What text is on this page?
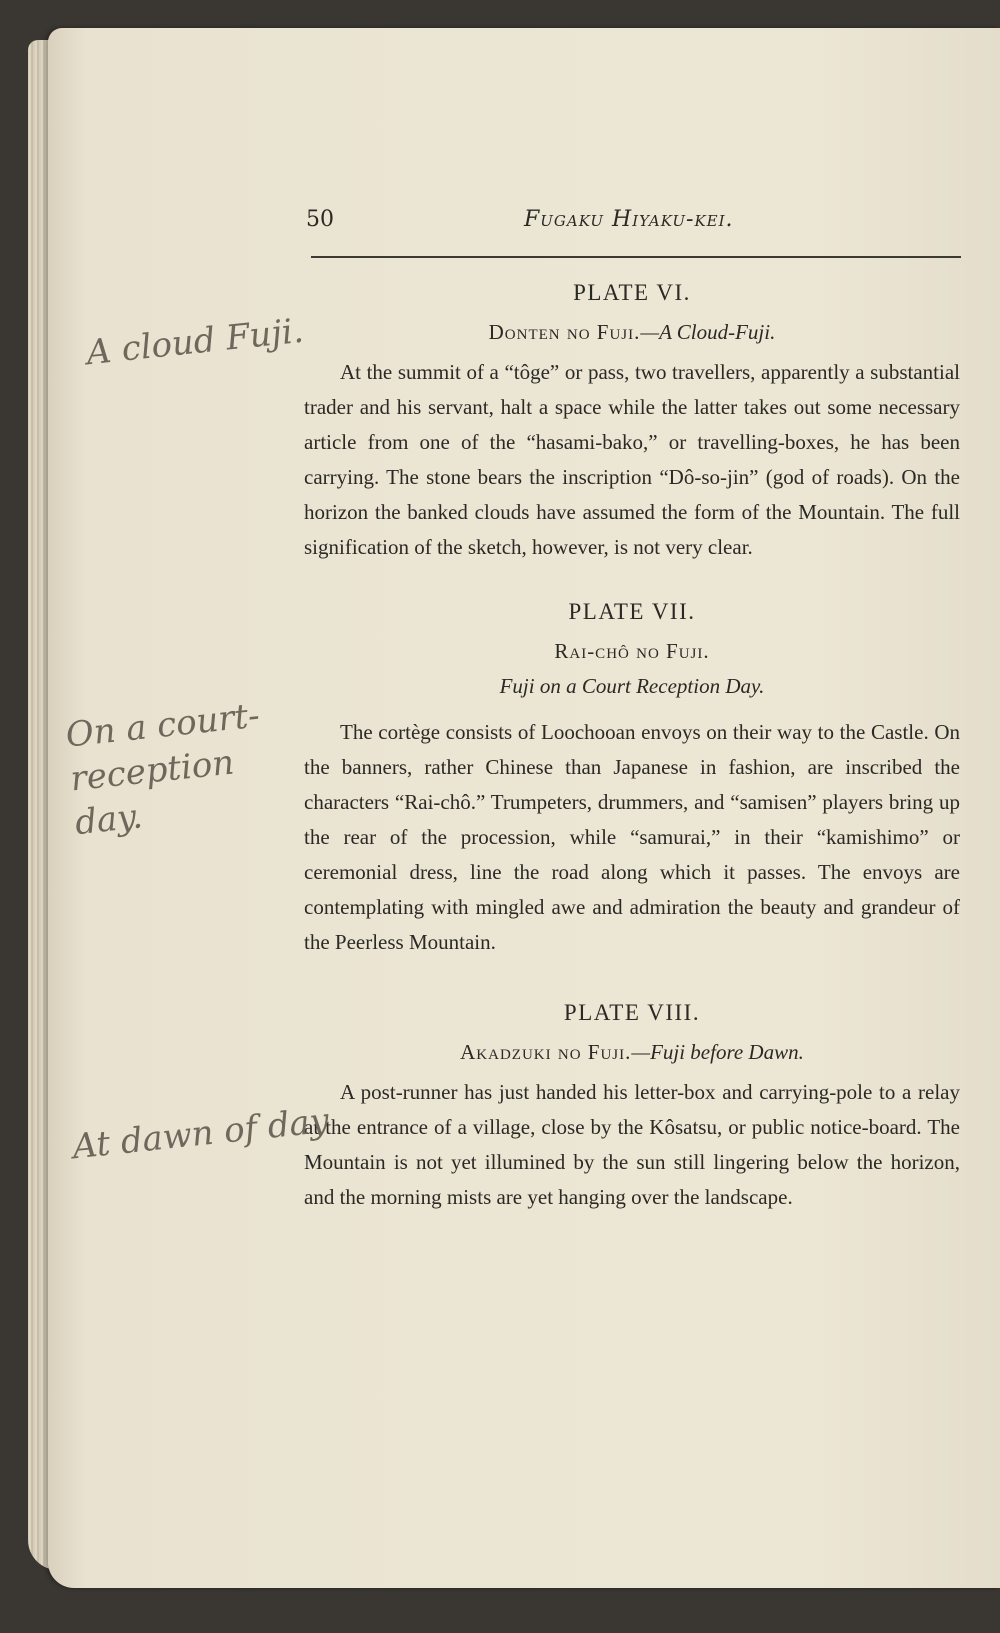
50	Fugaku Hiyaku-kei.
PLATE VI.
Donten no Fuji.—A Cloud-Fuji.

At the summit of a “tôge” or pass, two travellers, apparently a substantial trader and his servant, halt a space while the latter takes out some necessary article from one of the “hasami-bako,” or travelling-boxes, he has been carrying. The stone bears the inscription “Dô-so-jin” (god of roads). On the horizon the banked clouds have assumed the form of the Mountain. The full signification of the sketch, however, is not very clear.

PLATE VII.
Rai-chô no Fuji.
Fuji on a Court Reception Day.

The cortège consists of Loochooan envoys on their way to the Castle. On the banners, rather Chinese than Japanese in fashion, are inscribed the characters “Rai-chô.” Trumpeters, drummers, and “samisen” players bring up the rear of the procession, while “samurai,” in their “kamishimo” or ceremonial dress, line the road along which it passes. The envoys are contemplating with mingled awe and admiration the beauty and grandeur of the Peerless Mountain.

PLATE VIII.
Akadzuki no Fuji.—Fuji before Dawn.

A post-runner has just handed his letter-box and carrying-pole to a relay at the entrance of a village, close by the Kôsatsu, or public notice-board. The Mountain is not yet illumined by the sun still lingering below the horizon, and the morning mists are yet hanging over the landscape.

A cloud Fuji.
On a court-reception day.
At dawn of day
